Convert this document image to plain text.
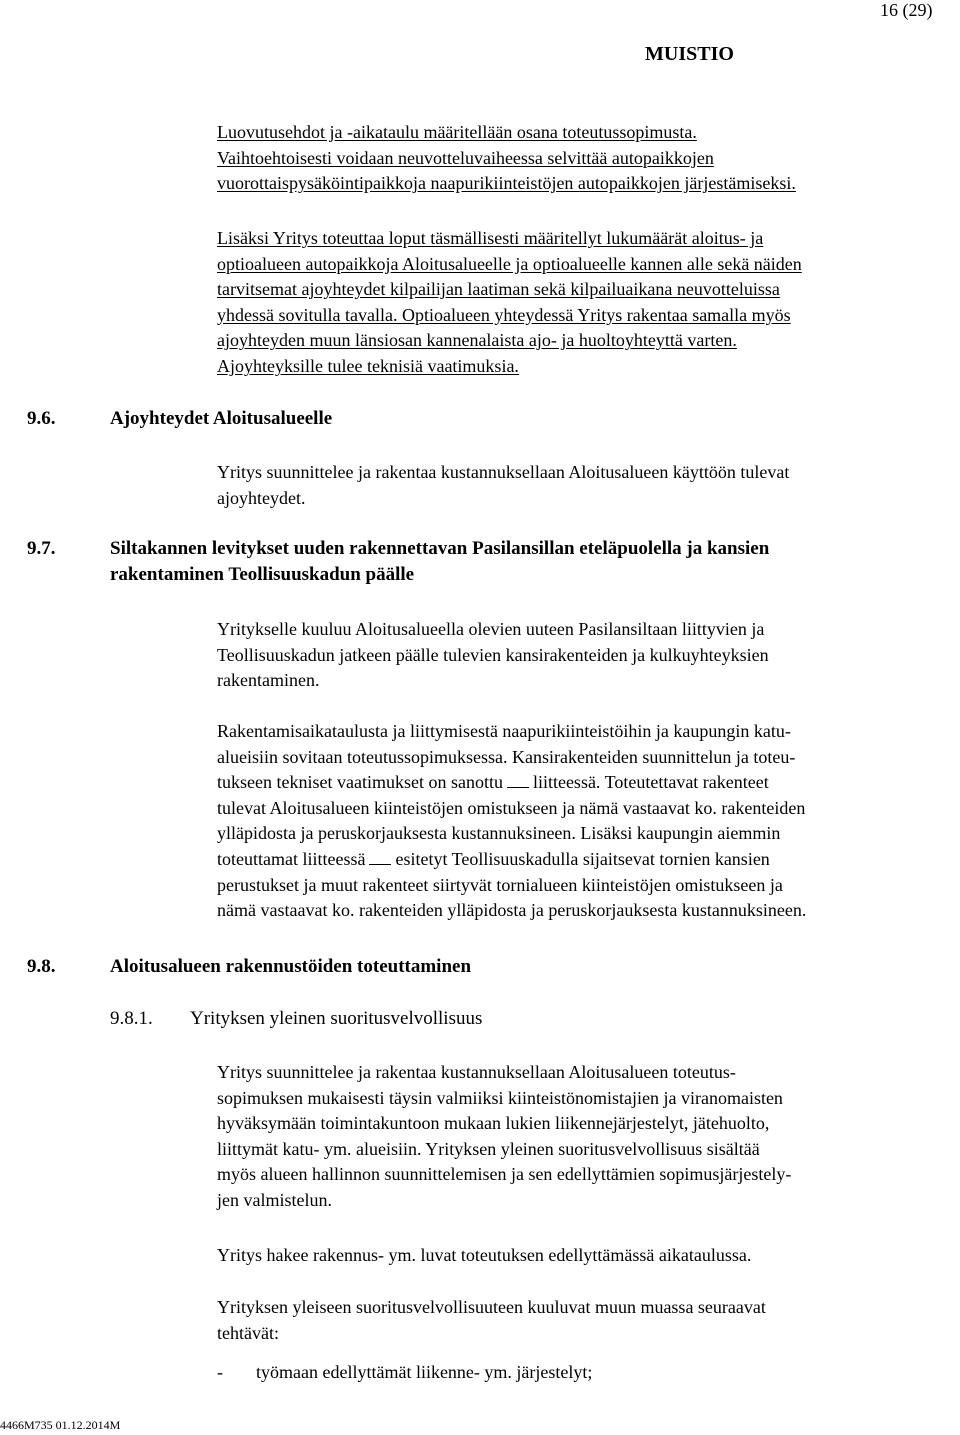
16 (29)
MUISTIO
Luovutusehdot ja -aikataulu määritellään osana toteutussopimusta.
Vaihtoehtoisesti voidaan neuvotteluvaiheessa selvittää autopaikkojen
vuorottaispysäköintipaikkoja naapurikiinteistöjen autopaikkojen järjestämiseksi.
Lisäksi Yritys toteuttaa loput täsmällisesti määritellyt lukumäärät aloitus- ja
optioalueen autopaikkoja Aloitusalueelle ja optioalueelle kannen alle sekä näiden
tarvitsemat ajoyhteydet kilpailijan laatiman sekä kilpailuaikana neuvotteluissa
yhdessä sovitulla tavalla. Optioalueen yhteydessä Yritys rakentaa samalla myös
ajoyhteyden muun länsiosan kannenalaista ajo- ja huoltoyhteyttä varten.
Ajoyhteyksille tulee teknisiä vaatimuksia.
9.6.	Ajoyhteydet Aloitusalueelle
Yritys suunnittelee ja rakentaa kustannuksellaan Aloitusalueen käyttöön tulevat
ajoyhteydet.
9.7.	Siltakannen levitykset uuden rakennettavan Pasilansillan eteläpuolella ja kansien
rakentaminen Teollisuuskadun päälle
Yritykselle kuuluu Aloitusalueella olevien uuteen Pasilansiltaan liittyvien ja
Teollisuuskadun jatkeen päälle tulevien kansirakenteiden ja kulkuyhteyksien
rakentaminen.
Rakentamisaikataulusta ja liittymisestä naapurikiinteistöihin ja kaupungin katu-
alueisiin sovitaan toteutussopimuksessa. Kansirakenteiden suunnittelun ja toteu-
tukseen tekniset vaatimukset on sanottu liitteessä. Toteutettavat rakenteet
tulevat Aloitusalueen kiinteistöjen omistukseen ja nämä vastaavat ko. rakenteiden
ylläpidosta ja peruskorjauksesta kustannuksineen. Lisäksi kaupungin aiemmin
toteuttamat liitteessä esitetyt Teollisuuskadulla sijaitsevat tornien kansien
perustukset ja muut rakenteet siirtyvät tornialueen kiinteistöjen omistukseen ja
nämä vastaavat ko. rakenteiden ylläpidosta ja peruskorjauksesta kustannuksineen.
9.8.	Aloitusalueen rakennustöiden toteuttaminen
9.8.1. Yrityksen yleinen suoritusvelvollisuus
Yritys suunnittelee ja rakentaa kustannuksellaan Aloitusalueen toteutus-
sopimuksen mukaisesti täysin valmiiksi kiinteistönomistajien ja viranomaisten
hyväksymään toimintakuntoon mukaan lukien liikennejärjestelyt, jätehuolto,
liittymät katu- ym. alueisiin. Yrityksen yleinen suoritusvelvollisuus sisältää
myös alueen hallinnon suunnittelemisen ja sen edellyttämien sopimusjärjestely-
jen valmistelun.
Yritys hakee rakennus- ym. luvat toteutuksen edellyttämässä aikataulussa.
Yrityksen yleiseen suoritusvelvollisuuteen kuuluvat muun muassa seuraavat
tehtävät:
- työmaan edellyttämät liikenne- ym. järjestelyt;
4466M735 01.12.2014M
